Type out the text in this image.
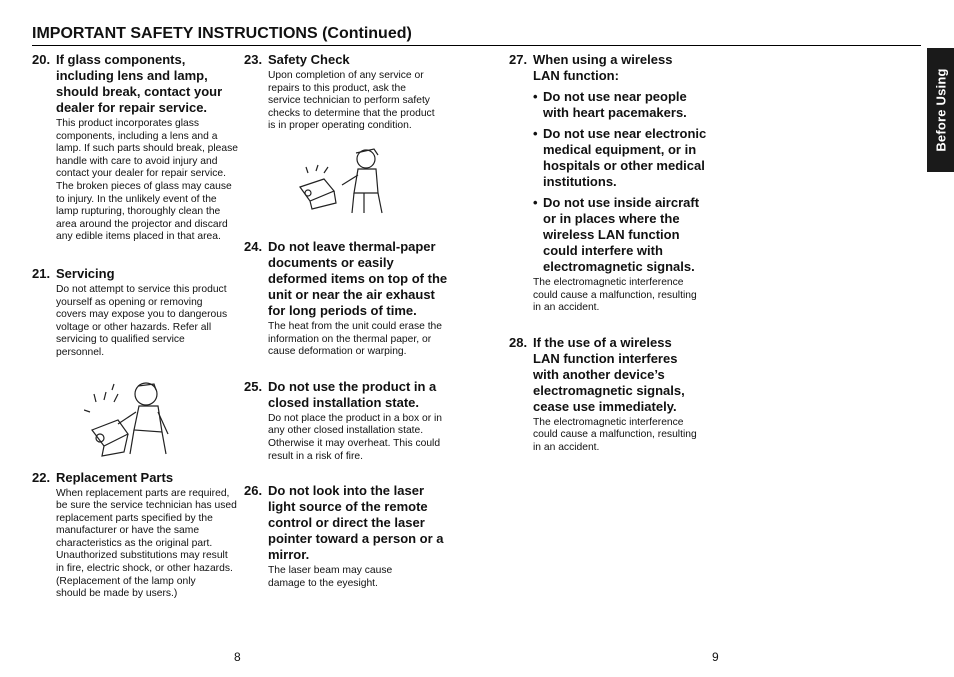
IMPORTANT SAFETY INSTRUCTIONS (Continued)
Before Using
20. If glass components, including lens and lamp, should break, contact your dealer for repair service.
This product incorporates glass components, including a lens and a lamp. If such parts should break, please handle with care to avoid injury and contact your dealer for repair service. The broken pieces of glass may cause to injury. In the unlikely event of the lamp rupturing, thoroughly clean the area around the projector and discard any edible items placed in that area.
21. Servicing
Do not attempt to service this product yourself as opening or removing covers may expose you to dangerous voltage or other hazards. Refer all servicing to qualified service personnel.
22. Replacement Parts
When replacement parts are required, be sure the service technician has used replacement parts specified by the manufacturer or have the same characteristics as the original part.
Unauthorized substitutions may result in fire, electric shock, or other hazards.
(Replacement of the lamp only should be made by users.)
23. Safety Check
Upon completion of any service or repairs to this product, ask the service technician to perform safety checks to determine that the product is in proper operating condition.
24. Do not leave thermal-paper documents or easily deformed items on top of the unit or near the air exhaust for long periods of time.
The heat from the unit could erase the information on the thermal paper, or cause deformation or warping.
25. Do not use the product in a closed installation state.
Do not place the product in a box or in any other closed installation state. Otherwise it may overheat. This could result in a risk of fire.
26. Do not look into the laser light source of the remote control or direct the laser pointer toward a person or a mirror.
The laser beam may cause damage to the eyesight.
27. When using a wireless LAN function:
• Do not use near people with heart pacemakers.
• Do not use near electronic medical equipment, or in hospitals or other medical institutions.
• Do not use inside aircraft or in places where the wireless LAN function could interfere with electromagnetic signals.
The electromagnetic interference could cause a malfunction, resulting in an accident.
28. If the use of a wireless LAN function interferes with another device’s electromagnetic signals, cease use immediately.
The electromagnetic interference could cause a malfunction, resulting in an accident.
8	9
